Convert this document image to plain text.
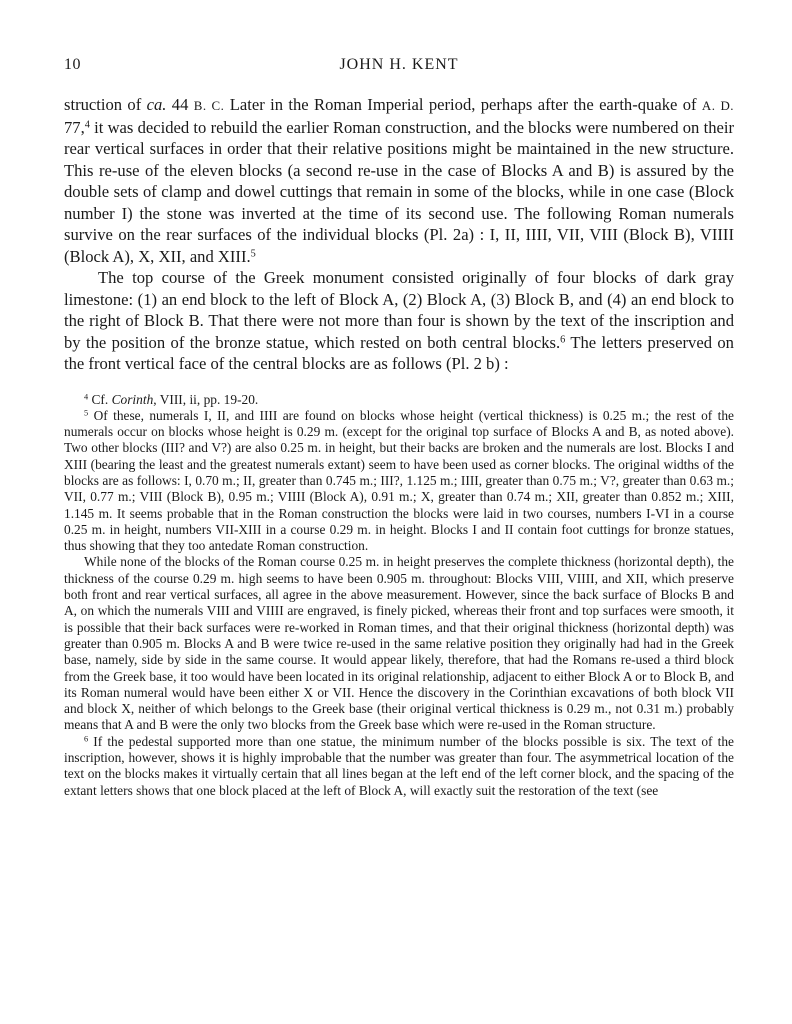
10	JOHN H. KENT

struction of ca. 44 B. C. Later in the Roman Imperial period, perhaps after the earth-quake of A. D. 77,$^4$ it was decided to rebuild the earlier Roman construction, and the blocks were numbered on their rear vertical surfaces in order that their relative positions might be maintained in the new structure. This re-use of the eleven blocks (a second re-use in the case of Blocks A and B) is assured by the double sets of clamp and dowel cuttings that remain in some of the blocks, while in one case (Block number I) the stone was inverted at the time of its second use. The following Roman numerals survive on the rear surfaces of the individual blocks (Pl. 2a) : I, II, IIII, VII, VIII (Block B), VIIII (Block A), X, XII, and XIII.$^5$

The top course of the Greek monument consisted originally of four blocks of dark gray limestone: (1) an end block to the left of Block A, (2) Block A, (3) Block B, and (4) an end block to the right of Block B. That there were not more than four is shown by the text of the inscription and by the position of the bronze statue, which rested on both central blocks.$^6$ The letters preserved on the front vertical face of the central blocks are as follows (Pl. 2 b) :

$^4$ Cf. Corinth, VIII, ii, pp. 19-20.

$^5$ Of these, numerals I, II, and IIII are found on blocks whose height (vertical thickness) is 0.25 m.; the rest of the numerals occur on blocks whose height is 0.29 m. (except for the original top surface of Blocks A and B, as noted above). Two other blocks (III? and V?) are also 0.25 m. in height, but their backs are broken and the numerals are lost. Blocks I and XIII (bearing the least and the greatest numerals extant) seem to have been used as corner blocks. The original widths of the blocks are as follows: I, 0.70 m.; II, greater than 0.745 m.; III?, 1.125 m.; IIII, greater than 0.75 m.; V?, greater than 0.63 m.; VII, 0.77 m.; VIII (Block B), 0.95 m.; VIIII (Block A), 0.91 m.; X, greater than 0.74 m.; XII, greater than 0.852 m.; XIII, 1.145 m. It seems probable that in the Roman construction the blocks were laid in two courses, numbers I-VI in a course 0.25 m. in height, numbers VII-XIII in a course 0.29 m. in height. Blocks I and II contain foot cuttings for bronze statues, thus showing that they too antedate Roman construction.

While none of the blocks of the Roman course 0.25 m. in height preserves the complete thickness (horizontal depth), the thickness of the course 0.29 m. high seems to have been 0.905 m. throughout: Blocks VIII, VIIII, and XII, which preserve both front and rear vertical surfaces, all agree in the above measurement. However, since the back surface of Blocks B and A, on which the numerals VIII and VIIII are engraved, is finely picked, whereas their front and top surfaces were smooth, it is possible that their back surfaces were re-worked in Roman times, and that their original thickness (horizontal depth) was greater than 0.905 m. Blocks A and B were twice re-used in the same relative position they originally had had in the Greek base, namely, side by side in the same course. It would appear likely, therefore, that had the Romans re-used a third block from the Greek base, it too would have been located in its original relationship, adjacent to either Block A or to Block B, and its Roman numeral would have been either X or VII. Hence the discovery in the Corinthian excavations of both block VII and block X, neither of which belongs to the Greek base (their original vertical thickness is 0.29 m., not 0.31 m.) probably means that A and B were the only two blocks from the Greek base which were re-used in the Roman structure.

$^6$ If the pedestal supported more than one statue, the minimum number of the blocks possible is six. The text of the inscription, however, shows it is highly improbable that the number was greater than four. The asymmetrical location of the text on the blocks makes it virtually certain that all lines began at the left end of the left corner block, and the spacing of the extant letters shows that one block placed at the left of Block A, will exactly suit the restoration of the text (see
